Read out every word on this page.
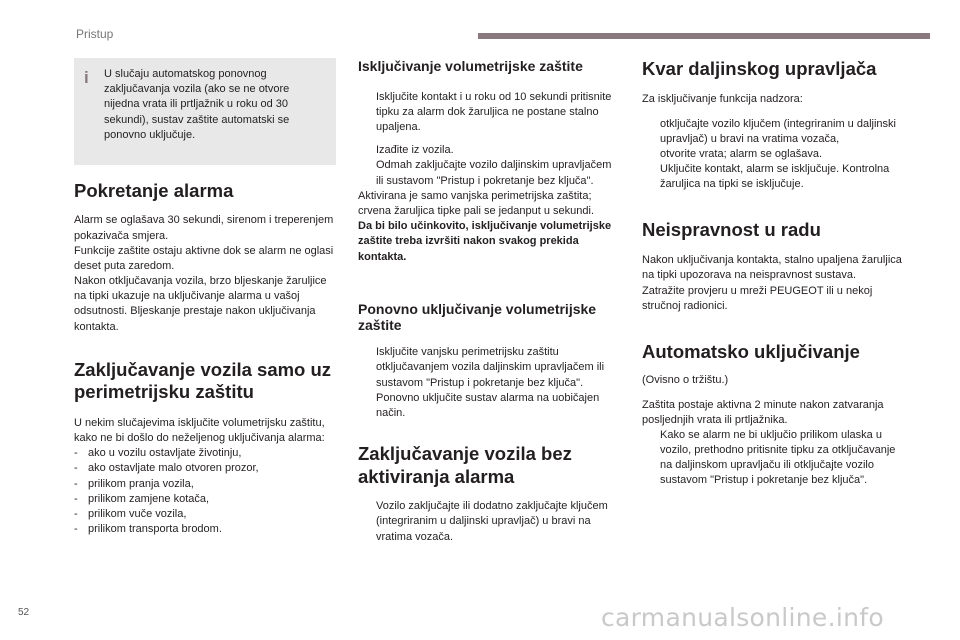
Pristup
i	U slučaju automatskog ponovnog zaključavanja vozila (ako se ne otvore nijedna vrata ili prtljažnik u roku od 30 sekundi), sustav zaštite automatski se ponovno uključuje.
Pokretanje alarma

Alarm se oglašava 30 sekundi, sirenom i treperenjem pokazivača smjera.

Funkcije zaštite ostaju aktivne dok se alarm ne oglasi deset puta zaredom.

Nakon otključavanja vozila, brzo bljeskanje žaruljice na tipki ukazuje na uključivanje alarma u vašoj odsutnosti. Bljeskanje prestaje nakon uključivanja kontakta.

Zaključavanje vozila samo uz perimetrijsku zaštitu

U nekim slučajevima isključite volumetrijsku zaštitu, kako ne bi došlo do neželjenog uključivanja alarma:

- ako u vozilu ostavljate životinju,
- ako ostavljate malo otvoren prozor,
- prilikom pranja vozila,
- prilikom zamjene kotača,
- prilikom vuče vozila,
- prilikom transporta brodom.
Isključivanje volumetrijske zaštite
Isključite kontakt i u roku od 10 sekundi pritisnite tipku za alarm dok žaruljica ne postane stalno upaljena.
Izađite iz vozila.
Odmah zaključajte vozilo daljinskim upravljačem ili sustavom "Pristup i pokretanje bez ključa".

Aktivirana je samo vanjska perimetrijska zaštita; crvena žaruljica tipke pali se jedanput u sekundi.

Da bi bilo učinkovito, isključivanje volumetrijske zaštite treba izvršiti nakon svakog prekida kontakta.

Ponovno uključivanje volumetrijske zaštite
Isključite vanjsku perimetrijsku zaštitu otključavanjem vozila daljinskim upravljačem ili sustavom "Pristup i pokretanje bez ključa".
Ponovno uključite sustav alarma na uobičajen način.
Zaključavanje vozila bez aktiviranja alarma
Vozilo zaključajte ili dodatno zaključajte ključem (integriranim u daljinski upravljač) u bravi na vratima vozača.
Kvar daljinskog upravljača

Za isključivanje funkcija nadzora:

otključajte vozilo ključem (integriranim u daljinski upravljač) u bravi na vratima vozača,
otvorite vrata; alarm se oglašava.
Uključite kontakt, alarm se isključuje. Kontrolna žaruljica na tipki se isključuje.
Neispravnost u radu

Nakon uključivanja kontakta, stalno upaljena žaruljica na tipki upozorava na neispravnost sustava.

Zatražite provjeru u mreži PEUGEOT ili u nekoj stručnoj radionici.

Automatsko uključivanje

(Ovisno o tržištu.)

Zaštita postaje aktivna 2 minute nakon zatvaranja posljednjih vrata ili prtljažnika.

Kako se alarm ne bi uključio prilikom ulaska u vozilo, prethodno pritisnite tipku za otključavanje na daljinskom upravljaču ili otključajte vozilo sustavom "Pristup i pokretanje bez ključa".
52	carmanualsonline.info
